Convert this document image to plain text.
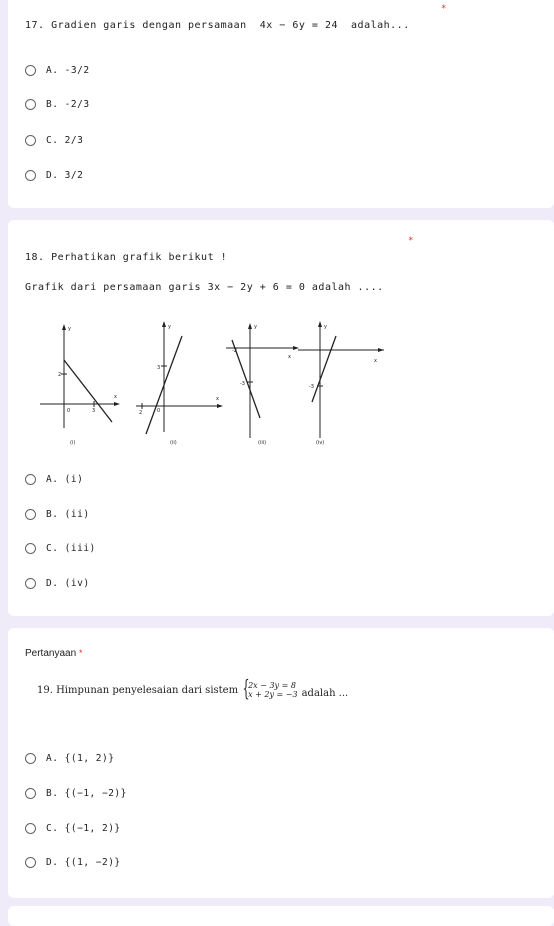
17. Gradien garis dengan persamaan  4x − 6y = 24  adalah...
*
A. -3/2
B. -2/3
C. 2/3
D. 3/2
18. Perhatikan grafik berikut !
*
Grafik dari persamaan garis 3x − 2y + 6 = 0 adalah ....
y
x
0	3
2
(i)
y
x
0
3
2
(ii)
y
x
-2
-3
(iii)
y
x
-3
(iv)
A. (i)
B. (ii)
C. (iii)
D. (iv)
Pertanyaan *
19. Himpunan penyelesaian dari sistem {
2x − 3y = 8
x + 2y = −3 adalah ...
A. {(1, 2)}
B. {(−1, −2)}
C. {(−1, 2)}
D. {(1, −2)}
